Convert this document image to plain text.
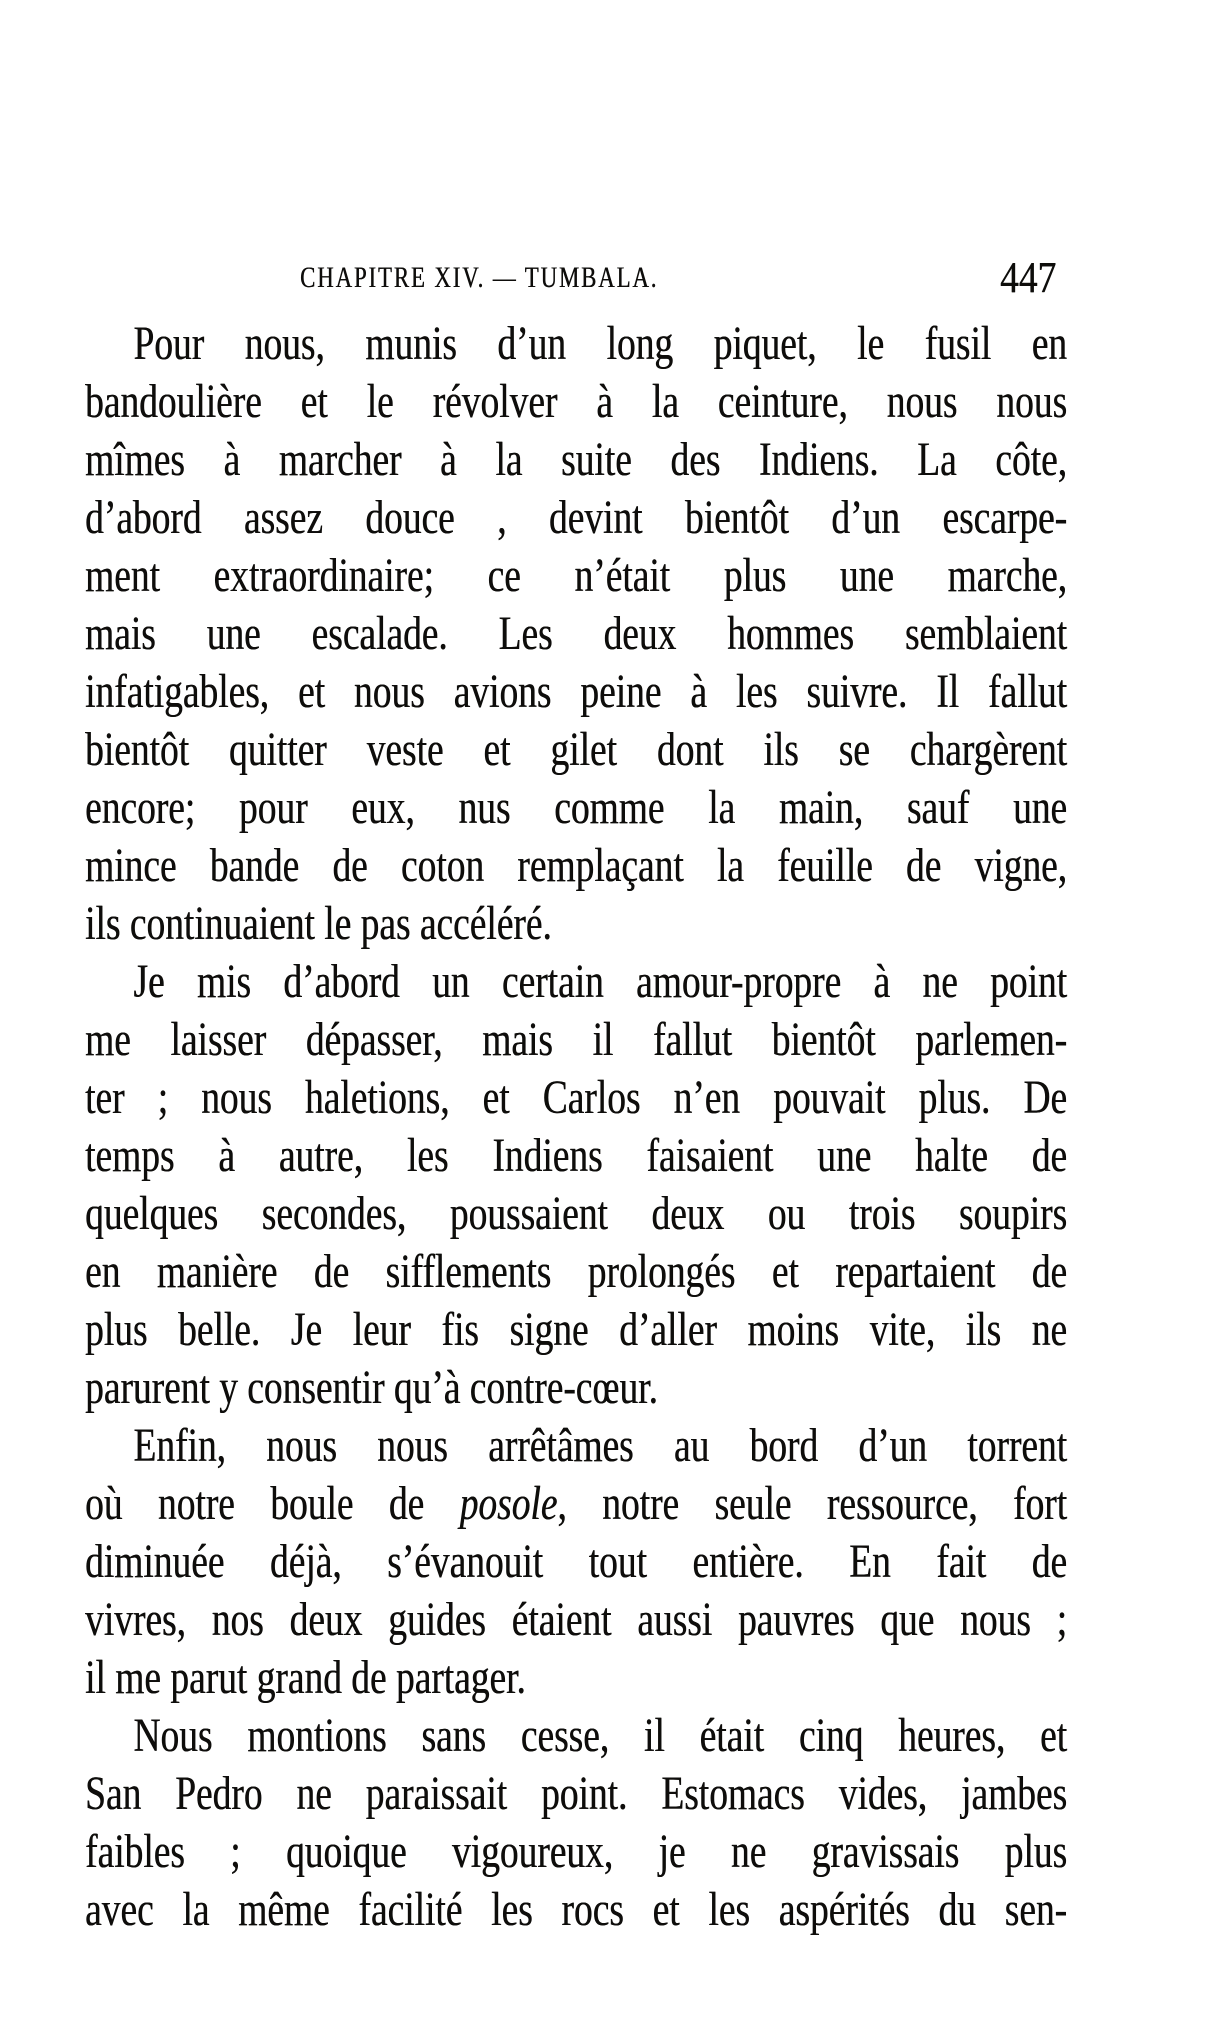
CHAPITRE XIV. — TUMBALA.	447
Pour nous, munis d’un long piquet, le fusil en
bandoulière et le révolver à la ceinture, nous nous
mîmes à marcher à la suite des Indiens. La côte,
d’abord assez douce , devint bientôt d’un escarpe-
ment extraordinaire; ce n’était plus une marche,
mais une escalade. Les deux hommes semblaient
infatigables, et nous avions peine à les suivre. Il fallut
bientôt quitter veste et gilet dont ils se chargèrent
encore; pour eux, nus comme la main, sauf une
mince bande de coton remplaçant la feuille de vigne,
ils continuaient le pas accéléré.
Je mis d’abord un certain amour-propre à ne point
me laisser dépasser, mais il fallut bientôt parlemen-
ter ; nous haletions, et Carlos n’en pouvait plus. De
temps à autre, les Indiens faisaient une halte de
quelques secondes, poussaient deux ou trois soupirs
en manière de sifflements prolongés et repartaient de
plus belle. Je leur fis signe d’aller moins vite, ils ne
parurent y consentir qu’à contre-cœur.
Enfin, nous nous arrêtâmes au bord d’un torrent
où notre boule de posole, notre seule ressource, fort
diminuée déjà, s’évanouit tout entière. En fait de
vivres, nos deux guides étaient aussi pauvres que nous ;
il me parut grand de partager.
Nous montions sans cesse, il était cinq heures, et
San Pedro ne paraissait point. Estomacs vides, jambes
faibles ; quoique vigoureux, je ne gravissais plus
avec la même facilité les rocs et les aspérités du sen-
